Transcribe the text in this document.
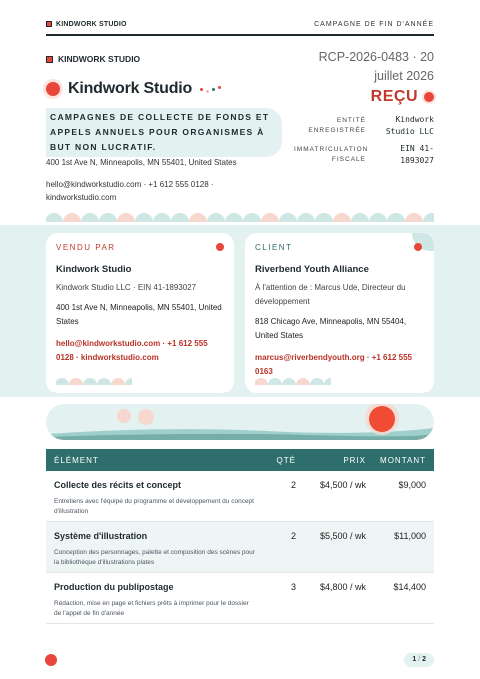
KINDWORK STUDIO	CAMPAGNE DE FIN D'ANNÉE
KINDWORK STUDIO
Kindwork Studio
CAMPAGNES DE COLLECTE DE FONDS ET APPELS ANNUELS POUR ORGANISMES À BUT NON LUCRATIF.
400 1st Ave N, Minneapolis, MN 55401, United States
hello@kindworkstudio.com · +1 612 555 0128 · kindworkstudio.com
RCP-2026-0483 · 20 juillet 2026
REÇU
ENTITÉ ENREGISTRÉE
Kindwork Studio LLC
IMMATRICULATION FISCALE
EIN 41-1893027
VENDU PAR
Kindwork Studio
Kindwork Studio LLC · EIN 41-1893027
400 1st Ave N, Minneapolis, MN 55401, United States
hello@kindworkstudio.com · +1 612 555 0128 · kindworkstudio.com
CLIENT
Riverbend Youth Alliance
À l'attention de : Marcus Ude, Directeur du développement
818 Chicago Ave, Minneapolis, MN 55404, United States
marcus@riverbendyouth.org · +1 612 555 0163
ÉLÉMENT	QTÉ	PRIX	MONTANT
Collecte des récits et concept
Entretiens avec l'équipe du programme et développement du concept d'illustration
2	$4,500 / wk	$9,000
Système d'illustration
Conception des personnages, palette et composition des scènes pour la bibliothèque d'illustrations plates
2	$5,500 / wk	$11,000
Production du publipostage
Rédaction, mise en page et fichiers prêts à imprimer pour le dossier de l'appel de fin d'année
3	$4,800 / wk	$14,400
1 / 2
